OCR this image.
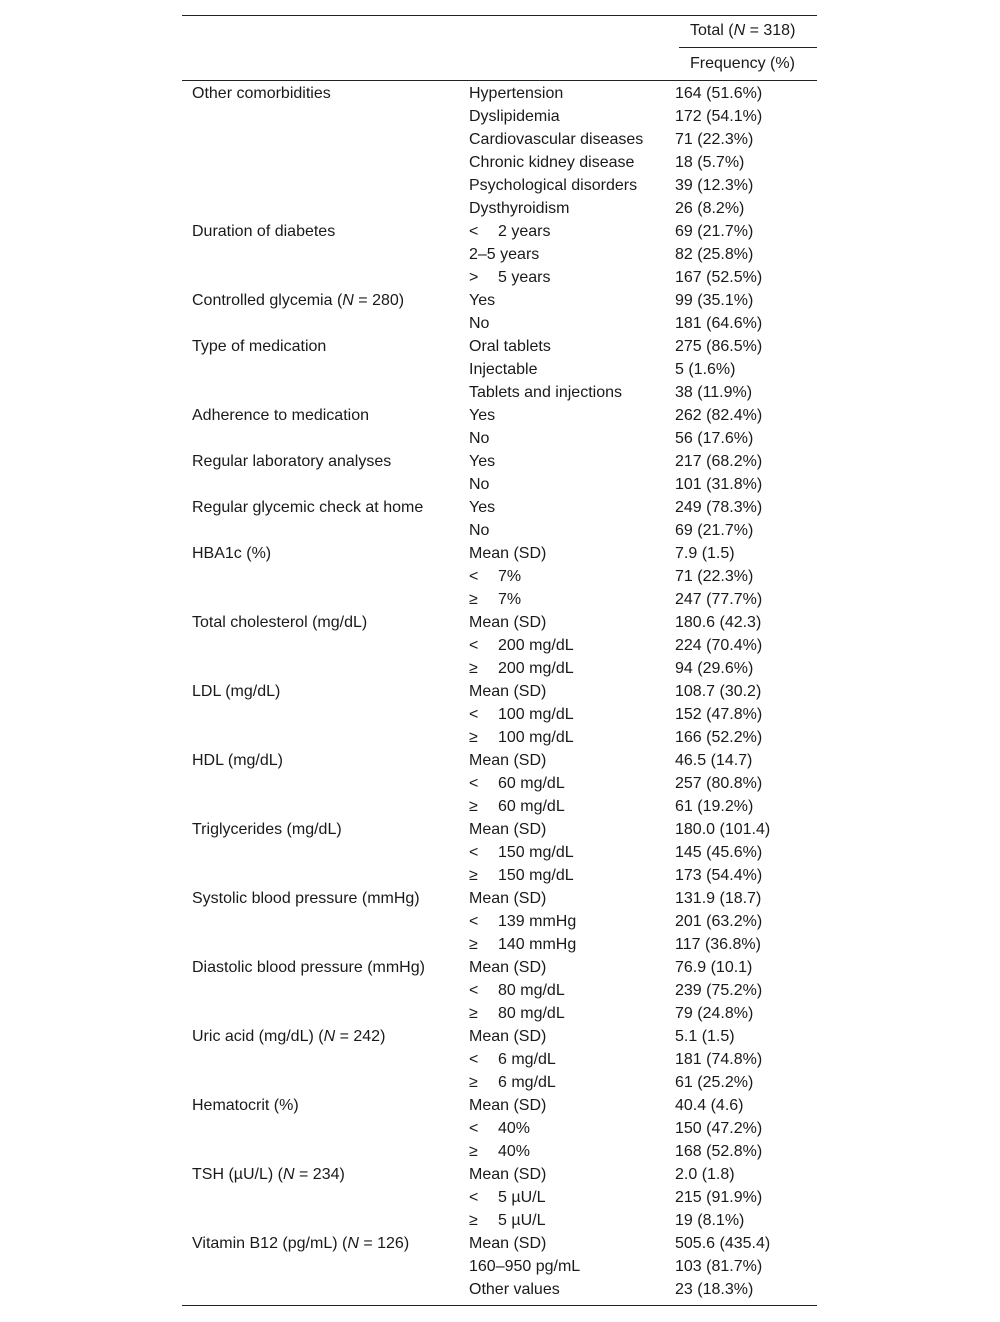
Total (N = 318)
Frequency (%)
Other comorbidities	Hypertension	164 (51.6%)
Dyslipidemia	172 (54.1%)
Cardiovascular diseases 71 (22.3%)
Chronic kidney disease	18 (5.7%)
Psychological disorders 39 (12.3%)
Dysthyroidism	26 (8.2%)
Duration of diabetes	< 2 years	69 (21.7%)
2–5 years	82 (25.8%)
> 5 years	167 (52.5%)
Controlled glycemia (N = 280)	Yes	99 (35.1%)
No	181 (64.6%)
Type of medication	Oral tablets	275 (86.5%)
Injectable	5 (1.6%)
Tablets and injections	38 (11.9%)
Adherence to medication	Yes	262 (82.4%)
No	56 (17.6%)
Regular laboratory analyses	Yes	217 (68.2%)
No	101 (31.8%)
Regular glycemic check at home	Yes	249 (78.3%)
No	69 (21.7%)
HBA1c (%)	Mean (SD)	7.9 (1.5)
< 7%	71 (22.3%)
≥ 7%	247 (77.7%)
Total cholesterol (mg/dL)	Mean (SD)	180.6 (42.3)
< 200 mg/dL	224 (70.4%)
≥ 200 mg/dL	94 (29.6%)
LDL (mg/dL)	Mean (SD)	108.7 (30.2)
< 100 mg/dL	152 (47.8%)
≥ 100 mg/dL	166 (52.2%)
HDL (mg/dL)	Mean (SD)	46.5 (14.7)
< 60 mg/dL	257 (80.8%)
≥ 60 mg/dL	61 (19.2%)
Triglycerides (mg/dL)	Mean (SD)	180.0 (101.4)
< 150 mg/dL	145 (45.6%)
≥ 150 mg/dL	173 (54.4%)
Systolic blood pressure (mmHg)	Mean (SD)	131.9 (18.7)
< 139 mmHg	201 (63.2%)
≥ 140 mmHg	117 (36.8%)
Diastolic blood pressure (mmHg)	Mean (SD)	76.9 (10.1)
< 80 mg/dL	239 (75.2%)
≥ 80 mg/dL	79 (24.8%)
Uric acid (mg/dL) (N = 242)	Mean (SD)	5.1 (1.5)
< 6 mg/dL	181 (74.8%)
≥ 6 mg/dL	61 (25.2%)
Hematocrit (%)	Mean (SD)	40.4 (4.6)
< 40%	150 (47.2%)
≥ 40%	168 (52.8%)
TSH (µU/L) (N = 234)	Mean (SD)	2.0 (1.8)
< 5 µU/L	215 (91.9%)
≥ 5 µU/L	19 (8.1%)
Vitamin B12 (pg/mL) (N = 126)	Mean (SD)	505.6 (435.4)
160–950 pg/mL	103 (81.7%)
Other values	23 (18.3%)
